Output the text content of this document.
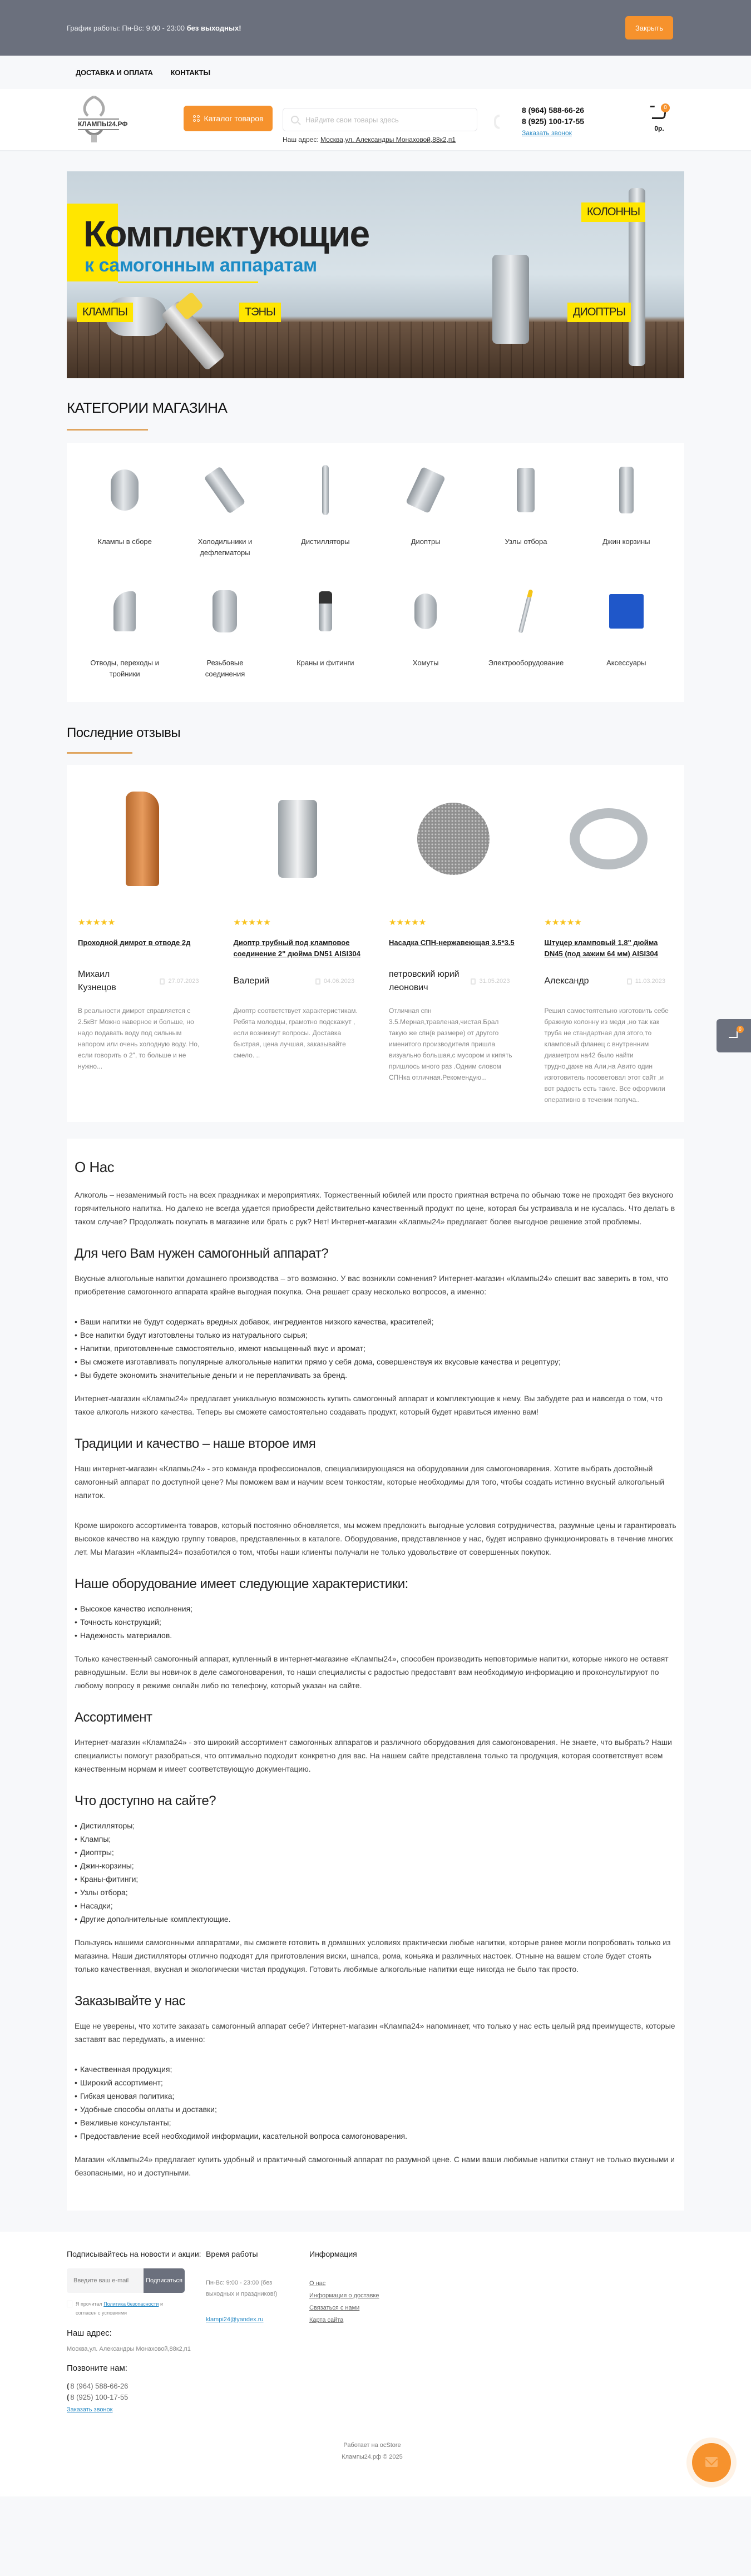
График работы: Пн-Вс: 9:00 - 23:00 без выходных!	Закрыть
ДОСТАВКА И ОПЛАТА КОНТАКТЫ
КЛАМПЫ24.РФ
Каталог товаров
Найдите свои товары здесь
Наш адрес: Москва,ул. Александры Монаховой,88к2,п1
8 (964) 588-66-26
8 (925) 100-17-55
Заказать звонок
0
0р.
Комплектующие
к самогонным аппаратам
КЛАМПЫ	ТЭНЫ	ДИОПТРЫ
КОЛОННЫ
КАТЕГОРИИ МАГАЗИНА
Клампы в сборе	Холодильники и дефлегматоры
Дистилляторы	Диоптры	Узлы отбора	Джин корзины
Отводы, переходы и тройники
Резьбовые соединения
Краны и фитинги	Хомуты	Электрооборудование	Аксессуары
Последние отзывы
★★★★★
Проходной димрот в отводе 2д
Михаил Кузнецов
27.07.2023
В реальности димрот справляется с 2.5кВт Можно наверное и больше, но надо подавать воду под сильным напором или очень холодную воду. Но, если говорить о 2", то больше и не нужно...
★★★★★
Диоптр трубный под кламповое соединение 2" дюйма DN51 AISI304
Валерий	04.06.2023
Диоптр соответствует характеристикам. Ребята молодцы, грамотно подскажут , если возникнут вопросы. Доставка быстрая, цена лучшая, заказывайте смело. ..
★★★★★
Насадка СПН-нержавеющая 3.5*3.5
петровский юрий леонович
31.05.2023
Отличная спн 3.5.Мерная,травленая,чистая.Брал такую же спн(в размере) от другого именитого производителя пришла визуально большая,с мусором и кипять пришлось много раз .Одним словом СПНка отличная.Рекомендую...
★★★★★
Штуцер кламповый 1,8" дюйма DN45 (под зажим 64 мм) AISI304
Александр	11.03.2023
Решил самостоятельно изготовить себе бражную колонну из меди ,но так как труба не стандартная для этого,то кламповый фланец с внутренним диаметром на42 было найти трудно,даже на Али,на Авито один изготовитель посоветовал этот сайт ,и вот радость есть такие. Все оформили оперативно в течении получа..
О Нас

Алкоголь – незаменимый гость на всех праздниках и мероприятиях. Торжественный юбилей или просто приятная встреча по обычаю тоже не проходят без вкусного горячительного напитка. Но далеко не всегда удается приобрести действительно качественный продукт по цене, которая бы устраивала и не кусалась. Что делать в таком случае? Продолжать покупать в магазине или брать с рук? Нет! Интернет-магазин «Клапмы24» предлагает более выгодное решение этой проблемы.

Для чего Вам нужен самогонный аппарат?

Вкусные алкогольные напитки домашнего производства – это возможно. У вас возникли сомнения? Интернет-магазин «Клампы24» спешит вас заверить в том, что приобретение самогонного аппарата крайне выгодная покупка. Она решает сразу несколько вопросов, а именно:

• Ваши напитки не будут содержать вредных добавок, ингредиентов низкого качества, красителей;
• Все напитки будут изготовлены только из натурального сырья;
• Напитки, приготовленные самостоятельно, имеют насыщенный вкус и аромат;
• Вы сможете изготавливать популярные алкогольные напитки прямо у себя дома, совершенствуя их вкусовые качества и рецептуру;
• Вы будете экономить значительные деньги и не переплачивать за бренд.

Интернет-магазин «Клампы24» предлагает уникальную возможность купить самогонный аппарат и комплектующие к нему. Вы забудете раз и навсегда о том, что такое алкоголь низкого качества. Теперь вы сможете самостоятельно создавать продукт, который будет нравиться именно вам!

Традиции и качество – наше второе имя

Наш интернет-магазин «Клапмы24» - это команда профессионалов, специализирующаяся на оборудовании для самогоноварения. Хотите выбрать достойный самогонный аппарат по доступной цене? Мы поможем вам и научим всем тонкостям, которые необходимы для того, чтобы создать истинно вкусный алкогольный напиток.

Кроме широкого ассортимента товаров, который постоянно обновляется, мы можем предложить выгодные условия сотрудничества, разумные цены и гарантировать высокое качество на каждую группу товаров, представленных в каталоге. Оборудование, представленное у нас, будет исправно функционировать в течение многих лет. Мы Магазин «Клампы24» позаботился о том, чтобы наши клиенты получали не только удовольствие от совершенных покупок.

Наше оборудование имеет следующие характеристики:
• Высокое качество исполнения;
• Точность конструкций;
• Надежность материалов.

Только качественный самогонный аппарат, купленный в интернет-магазине «Клампы24», способен производить неповторимые напитки, которые никого не оставят равнодушным. Если вы новичок в деле самогоноварения, то наши специалисты с радостью предоставят вам необходимую информацию и проконсультируют по любому вопросу в режиме онлайн либо по телефону, который указан на сайте.

Ассортимент

Интернет-магазин «Клампа24» - это широкий ассортимент самогонных аппаратов и различного оборудования для самогоноварения. Не знаете, что выбрать? Наши специалисты помогут разобраться, что оптимально подходит конкретно для вас. На нашем сайте представлена только та продукция, которая соответствует всем качественным нормам и имеет соответствующую документацию.

Что доступно на сайте?
• Дистилляторы;
• Клампы;
• Диоптры;
• Джин-корзины;
• Краны-фитинги;
• Узлы отбора;
• Насадки;
• Другие дополнительные комплектующие.

Пользуясь нашими самогонными аппаратами, вы сможете готовить в домашних условиях практически любые напитки, которые ранее могли попробовать только из магазина. Наши дистилляторы отлично подходят для приготовления виски, шнапса, рома, коньяка и различных настоек. Отныне на вашем столе будет стоять только качественная, вкусная и экологически чистая продукция. Готовить любимые алкогольные напитки еще никогда не было так просто.

Заказывайте у нас

Еще не уверены, что хотите заказать самогонный аппарат себе? Интернет-магазин «Клампа24» напоминает, что только у нас есть целый ряд преимуществ, которые заставят вас передумать, а именно:

• Качественная продукция;
• Широкий ассортимент;
• Гибкая ценовая политика;
• Удобные способы оплаты и доставки;
• Вежливые консультанты;
• Предоставление всей необходимой информации, касательной вопроса самогоноварения.

Магазин «Клампы24» предлагает купить удобный и практичный самогонный аппарат по разумной цене. С нами ваши любимые напитки станут не только вкусными и безопасными, но и доступными.

Подписывайтесь на новости и акции:
Введите ваш e-mail
Подписаться
Я прочитал Политика безопасности и согласен с условиями
Наш адрес:
Москва,ул. Александры Монаховой,88к2,п1
Позвоните нам:
( 8 (964) 588-66-26
( 8 (925) 100-17-55
Заказать звонок
Время работы
Пн-Вс: 9:00 - 23:00 (без выходных и праздников!)
klampi24@yandex.ru
Информация
О нас
Информация о доставке
Связаться с нами
Карта сайта
Работает на ocStore
Клампы24.рф © 2025
0
